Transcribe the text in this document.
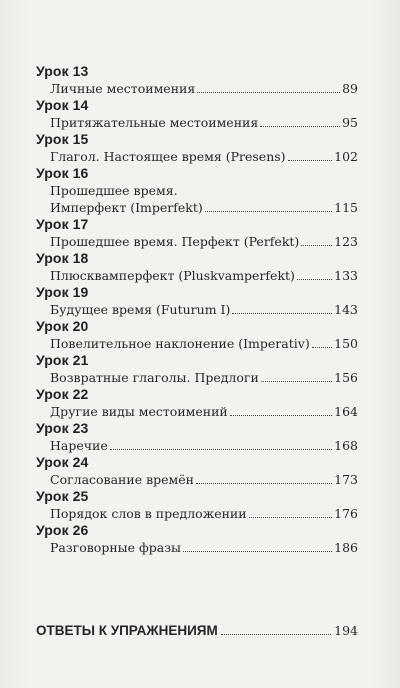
Урок 13
Личные местоимения	89
Урок 14
Притяжательные местоимения	95
Урок 15
Глагол. Настоящее время (Presens)	102
Урок 16
Прошедшее время.
Имперфект (Imperfekt)	115
Урок 17
Прошедшее время. Перфект (Perfekt)	123
Урок 18
Плюсквамперфект (Pluskvamperfekt)	133
Урок 19
Будущее время (Futurum I)	143
Урок 20
Повелительное наклонение (Imperativ) 150
Урок 21
Возвратные глаголы. Предлоги	156
Урок 22
Другие виды местоимений	164
Урок 23
Наречие	168
Урок 24
Согласование времён	173
Урок 25
Порядок слов в предложении	176
Урок 26
Разговорные фразы	186
ОТВЕТЫ К УПРАЖНЕНИЯМ	194
